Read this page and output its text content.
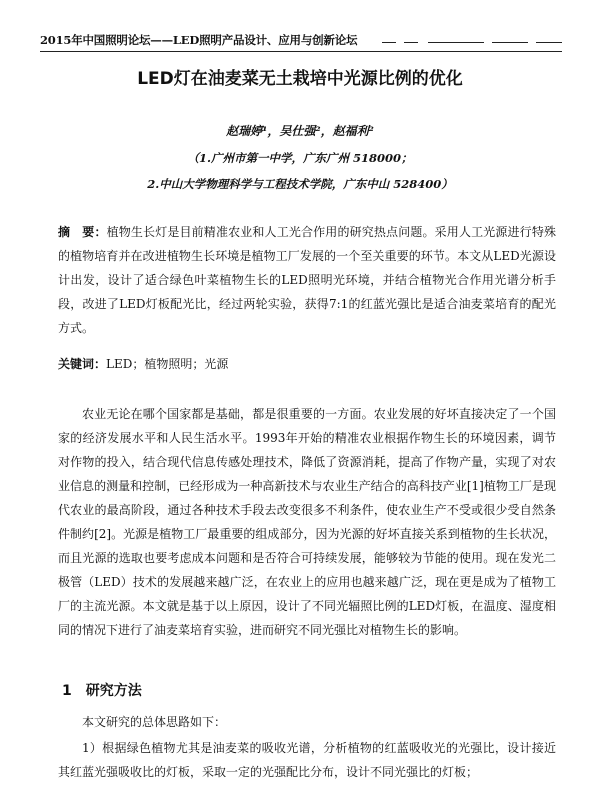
2015年中国照明论坛——LED照明产品设计、应用与创新论坛
LED灯在油麦菜无土栽培中光源比例的优化
赵瑞婷¹，吴仕强²，赵福利²
（1.广州市第一中学，广东广州 518000；
2.中山大学物理科学与工程技术学院，广东中山 528400）

摘　要：植物生长灯是目前精准农业和人工光合作用的研究热点问题。采用人工光源进行特殊的植物培育并在改进植物生长环境是植物工厂发展的一个至关重要的环节。本文从LED光源设计出发，设计了适合绿色叶菜植物生长的LED照明光环境，并结合植物光合作用光谱分析手段，改进了LED灯板配光比，经过两轮实验，获得7:1的红蓝光强比是适合油麦菜培育的配光方式。

关键词：LED；植物照明；光源

农业无论在哪个国家都是基础，都是很重要的一方面。农业发展的好坏直接决定了一个国家的经济发展水平和人民生活水平。1993年开始的精准农业根据作物生长的环境因素，调节对作物的投入，结合现代信息传感处理技术，降低了资源消耗，提高了作物产量，实现了对农业信息的测量和控制，已经形成为一种高新技术与农业生产结合的高科技产业[1]植物工厂是现代农业的最高阶段，通过各种技术手段去改变很多不利条件，使农业生产不受或很少受自然条件制约[2]。光源是植物工厂最重要的组成部分，因为光源的好坏直接关系到植物的生长状况，而且光源的选取也要考虑成本问题和是否符合可持续发展，能够较为节能的使用。现在发光二极管（LED）技术的发展越来越广泛，在农业上的应用也越来越广泛，现在更是成为了植物工厂的主流光源。本文就是基于以上原因，设计了不同光辐照比例的LED灯板，在温度、湿度相同的情况下进行了油麦菜培育实验，进而研究不同光强比对植物生长的影响。

1 研究方法

本文研究的总体思路如下：

1）根据绿色植物尤其是油麦菜的吸收光谱，分析植物的红蓝吸收光的光强比，设计接近其红蓝光强吸收比的灯板，采取一定的光强配比分布，设计不同光强比的灯板；
